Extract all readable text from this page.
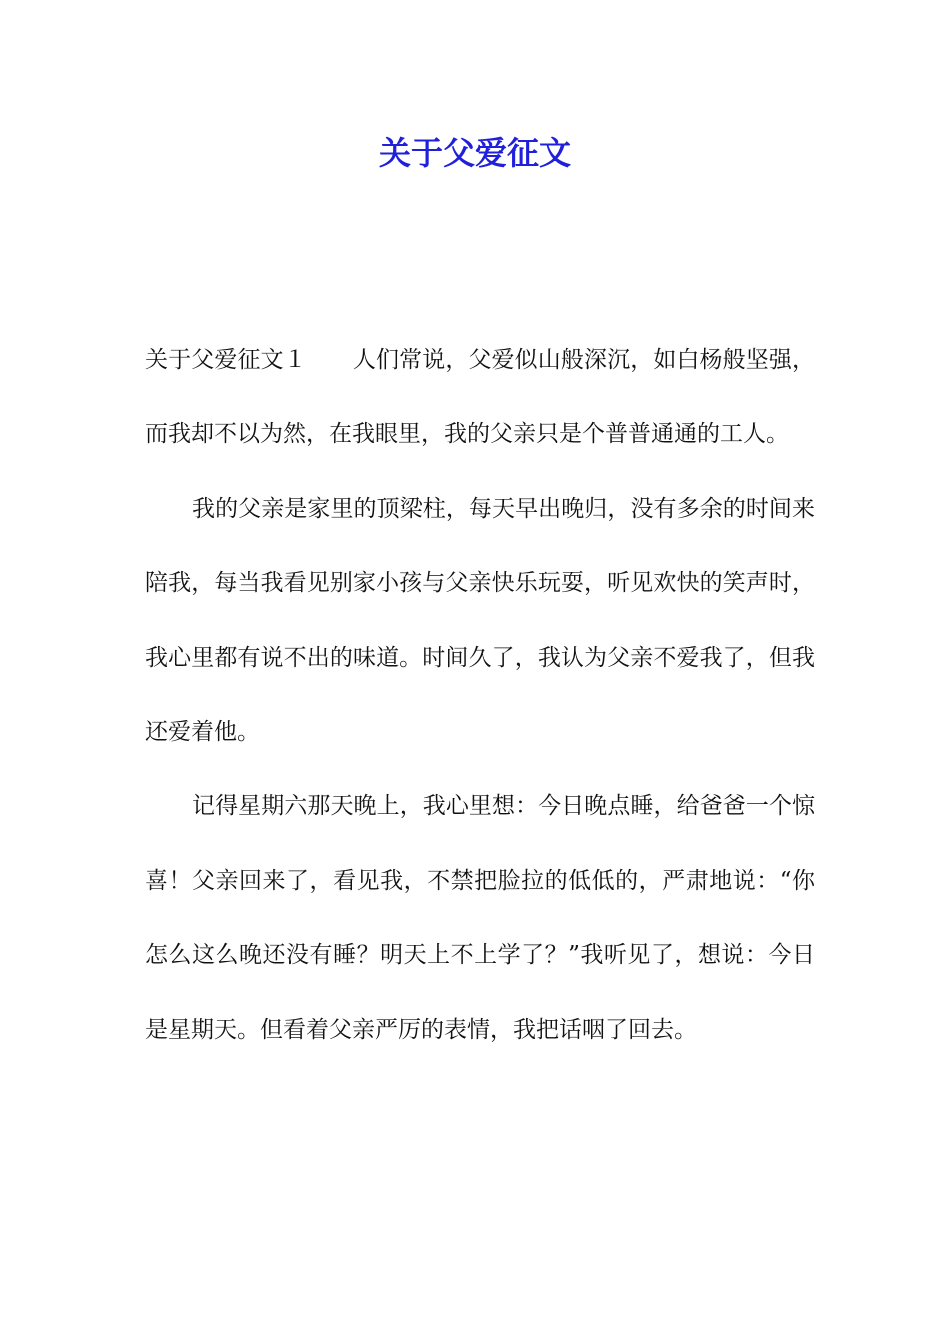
关于父爱征文

关于父爱征文１ 人们常说，父爱似山般深沉，如白杨般坚强，而我却不以为然，在我眼里，我的父亲只是个普普通通的工人。

我的父亲是家里的顶梁柱，每天早出晚归，没有多余的时间来陪我，每当我看见别家小孩与父亲快乐玩耍，听见欢快的笑声时，我心里都有说不出的味道。时间久了，我认为父亲不爱我了，但我还爱着他。

记得星期六那天晚上，我心里想：今日晚点睡，给爸爸一个惊喜！父亲回来了，看见我，不禁把脸拉的低低的，严肃地说：“你怎么这么晚还没有睡？明天上不上学了？”我听见了，想说：今日是星期天。但看着父亲严厉的表情，我把话咽了回去。
